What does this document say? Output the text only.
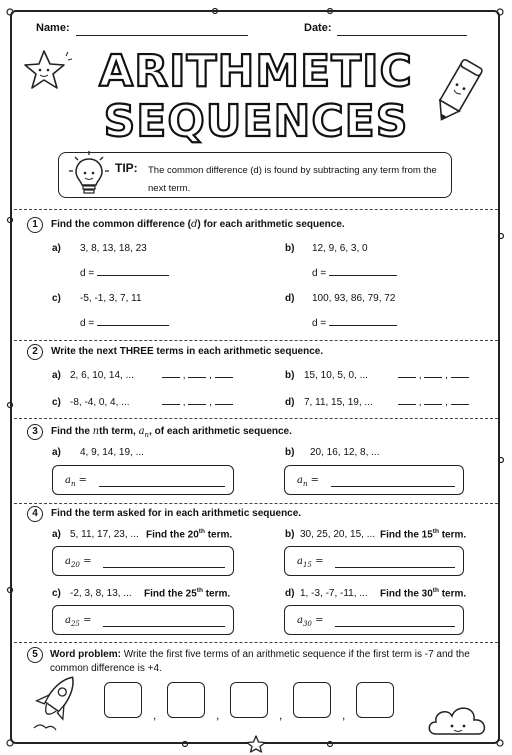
Name:	Date:
ARITHMETIC
SEQUENCES
TIP: The common difference (d) is found by subtracting any term from the next term.
1	Find the common difference (d) for each arithmetic sequence.
a) 3, 8, 13, 18, 23
d =
b) 12, 9, 6, 3, 0
d =
c) -5, -1, 3, 7, 11
d =
d) 100, 93, 86, 79, 72
d =
2	Write the next THREE terms in each arithmetic sequence.
a) 2, 6, 10, 14, ...	,  ,	b) 15, 10, 5, 0, ...	,  ,
c) -8, -4, 0, 4, ...	,  ,	d) 7, 11, 15, 19, ...	,  ,
3	Find the nth term, $a_n$, of each arithmetic sequence.
a) 4, 9, 14, 19, ...
$a_n$ =
b) 20, 16, 12, 8, ...
$a_n$ =
4	Find the term asked for in each arithmetic sequence.
a) 5, 11, 17, 23, ... Find the 20th term.
$a_{20}$ =
b) 30, 25, 20, 15, ... Find the 15th term.
$a_{15}$ =
c) -2, 3, 8, 13, ... Find the 25th term.
$a_{25}$ =
d) 1, -3, -7, -11, ... Find the 30th term.
$a_{30}$ =
5	Word problem: Write the first five terms of an arithmetic sequence if the first term is -7 and the common difference is +4.
,	,	,	,
